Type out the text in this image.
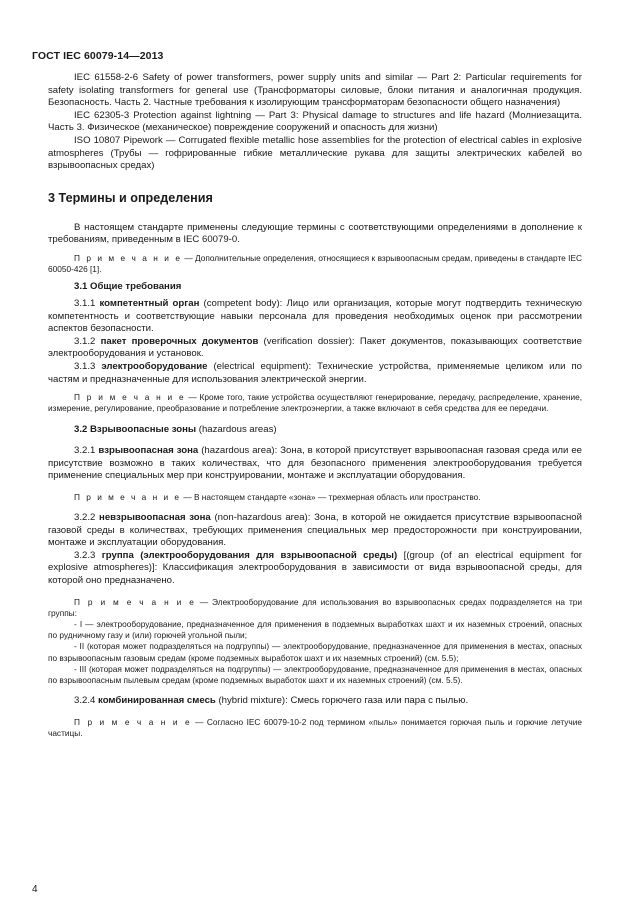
ГОСТ IEC 60079-14—2013

IEC 61558-2-6 Safety of power transformers, power supply units and similar — Part 2: Particular requirements for safety isolating transformers for general use (Трансформаторы силовые, блоки питания и аналогичная продукция. Безопасность. Часть 2. Частные требования к изолирующим трансформаторам безопасности общего назначения)

IEC 62305-3 Protection against lightning — Part 3: Physical damage to structures and life hazard (Молниезащита. Часть 3. Физическое (механическое) повреждение сооружений и опасность для жизни)

ISO 10807 Pipework — Corrugated flexible metallic hose assemblies for the protection of electrical cables in explosive atmospheres (Трубы — гофрированные гибкие металлические рукава для защиты электрических кабелей во взрывоопасных средах)

3 Термины и определения

В настоящем стандарте применены следующие термины с соответствующими определениями в дополнение к требованиям, приведенным в IEC 60079-0.

П р и м е ч а н и е — Дополнительные определения, относящиеся к взрывоопасным средам, приведены в стандарте IEC 60050-426 [1].

3.1 Общие требования

3.1.1 компетентный орган (competent body): Лицо или организация, которые могут подтвердить техническую компетентность и соответствующие навыки персонала для проведения необходимых оценок при рассмотрении аспектов безопасности.

3.1.2 пакет проверочных документов (verification dossier): Пакет документов, показывающих соответствие электрооборудования и установок.

3.1.3 электрооборудование (electrical equipment): Технические устройства, применяемые целиком или по частям и предназначенные для использования электрической энергии.

П р и м е ч а н и е — Кроме того, такие устройства осуществляют генерирование, передачу, распределение, хранение, измерение, регулирование, преобразование и потребление электроэнергии, а также включают в себя средства для ее передачи.

3.2 Взрывоопасные зоны (hazardous areas)

3.2.1 взрывоопасная зона (hazardous area): Зона, в которой присутствует взрывоопасная газовая среда или ее присутствие возможно в таких количествах, что для безопасного применения электрооборудования требуется применение специальных мер при конструировании, монтаже и эксплуатации оборудования.

П р и м е ч а н и е — В настоящем стандарте «зона» — трехмерная область или пространство.

3.2.2 невзрывоопасная зона (non-hazardous area): Зона, в которой не ожидается присутствие взрывоопасной газовой среды в количествах, требующих применения специальных мер предосторожности при конструировании, монтаже и эксплуатации оборудования.

3.2.3 группа (электрооборудования для взрывоопасной среды) [(group (of an electrical equipment for explosive atmospheres)]: Классификация электрооборудования в зависимости от вида взрывоопасной среды, для которой оно предназначено.

П р и м е ч а н и е — Электрооборудование для использования во взрывоопасных средах подразделяется на три группы:

- I — электрооборудование, предназначенное для применения в подземных выработках шахт и их наземных строений, опасных по рудничному газу и (или) горючей угольной пыли;

- II (которая может подразделяться на подгруппы) — электрооборудование, предназначенное для применения в местах, опасных по взрывоопасным газовым средам (кроме подземных выработок шахт и их наземных строений) (см. 5.5);

- III (которая может подразделяться на подгруппы) — электрооборудование, предназначенное для применения в местах, опасных по взрывоопасным пылевым средам (кроме подземных выработок шахт и их наземных строений) (см. 5.5).

3.2.4 комбинированная смесь (hybrid mixture): Смесь горючего газа или пара с пылью.

П р и м е ч а н и е — Согласно IEC 60079-10-2 под термином «пыль» понимается горючая пыль и горючие летучие частицы.

4
